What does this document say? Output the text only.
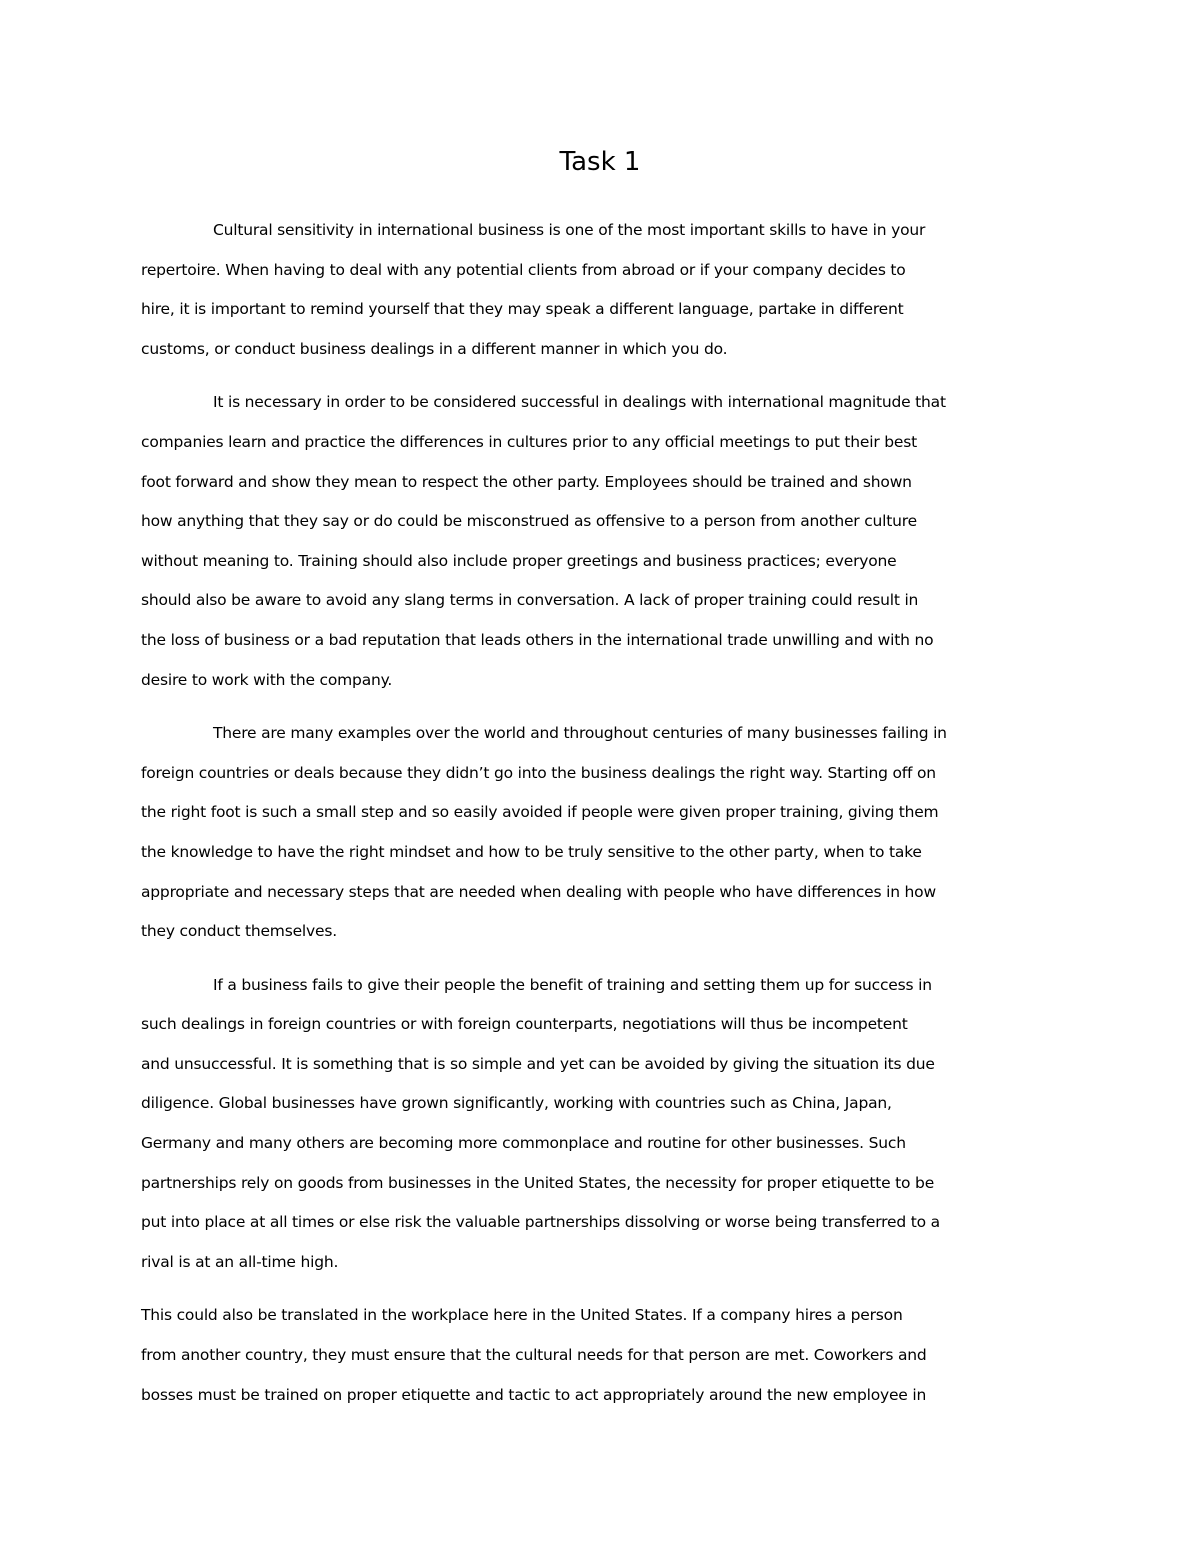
Task 1

Cultural sensitivity in international business is one of the most important skills to have in your
repertoire. When having to deal with any potential clients from abroad or if your company decides to
hire, it is important to remind yourself that they may speak a different language, partake in different
customs, or conduct business dealings in a different manner in which you do.

It is necessary in order to be considered successful in dealings with international magnitude that
companies learn and practice the differences in cultures prior to any official meetings to put their best
foot forward and show they mean to respect the other party. Employees should be trained and shown
how anything that they say or do could be misconstrued as offensive to a person from another culture
without meaning to. Training should also include proper greetings and business practices; everyone
should also be aware to avoid any slang terms in conversation. A lack of proper training could result in
the loss of business or a bad reputation that leads others in the international trade unwilling and with no
desire to work with the company.

There are many examples over the world and throughout centuries of many businesses failing in
foreign countries or deals because they didn’t go into the business dealings the right way. Starting off on
the right foot is such a small step and so easily avoided if people were given proper training, giving them
the knowledge to have the right mindset and how to be truly sensitive to the other party, when to take
appropriate and necessary steps that are needed when dealing with people who have differences in how
they conduct themselves.

If a business fails to give their people the benefit of training and setting them up for success in
such dealings in foreign countries or with foreign counterparts, negotiations will thus be incompetent
and unsuccessful. It is something that is so simple and yet can be avoided by giving the situation its due
diligence. Global businesses have grown significantly, working with countries such as China, Japan,
Germany and many others are becoming more commonplace and routine for other businesses. Such
partnerships rely on goods from businesses in the United States, the necessity for proper etiquette to be
put into place at all times or else risk the valuable partnerships dissolving or worse being transferred to a
rival is at an all-time high.

This could also be translated in the workplace here in the United States. If a company hires a person
from another country, they must ensure that the cultural needs for that person are met. Coworkers and
bosses must be trained on proper etiquette and tactic to act appropriately around the new employee in
